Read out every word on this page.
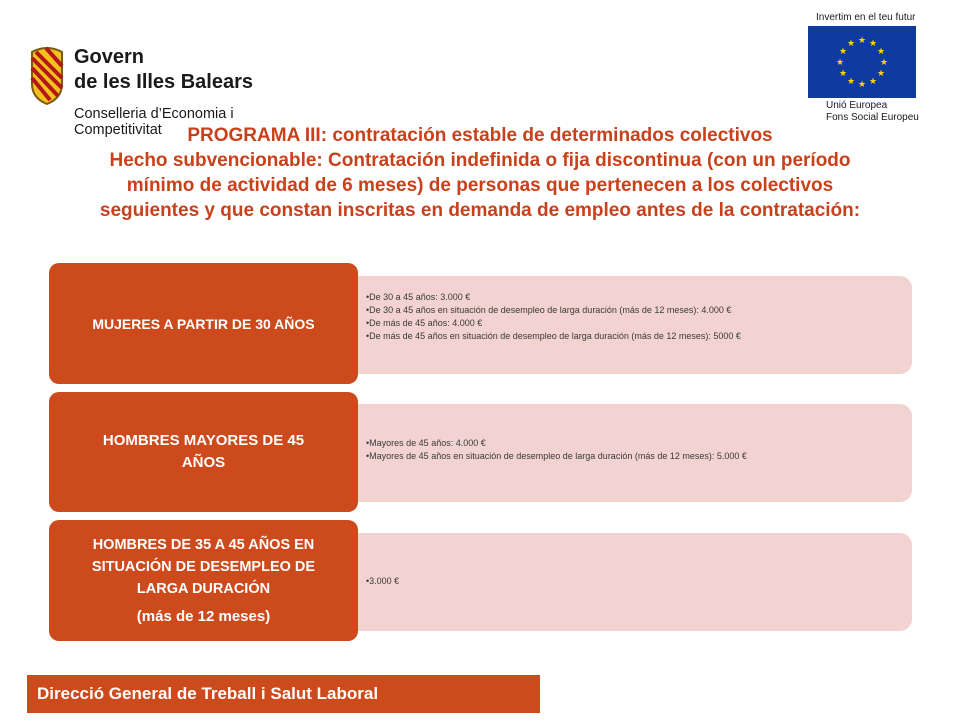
Govern
de les Illes Balears
Conselleria d’Economia i Competitivitat
Invertim en el teu futur
★ ★
★
★
★
★
★
★
★
★
★
★
Unió Europea
Fons Social Europeu
PROGRAMA III: contratación estable de determinados colectivos
Hecho subvencionable: Contratación indefinida o fija discontinua (con un período
mínimo de actividad de 6 meses) de personas que pertenecen a los colectivos
seguientes y que constan inscritas en demanda de empleo antes de la contratación:
• De 30 a 45 años: 3.000 €
• De 30 a 45 años en situación de desempleo de larga duración (más de 12 meses): 4.000 €
• De más de 45 años: 4.000 €
• De más de 45 años en situación de desempleo de larga duración (más de 12 meses): 5000 €
MUJERES A PARTIR DE 30 AÑOS
• Mayores de 45 años: 4.000 €
• Mayores de 45 años en situación de desempleo de larga duración (más de 12 meses): 5.000 €
HOMBRES MAYORES DE 45
AÑOS
• 3.000 €
HOMBRES DE 35 A 45 AÑOS EN
SITUACIÓN DE DESEMPLEO DE
LARGA DURACIÓN
(más de 12 meses)
Direcció General de Treball i Salut Laboral
